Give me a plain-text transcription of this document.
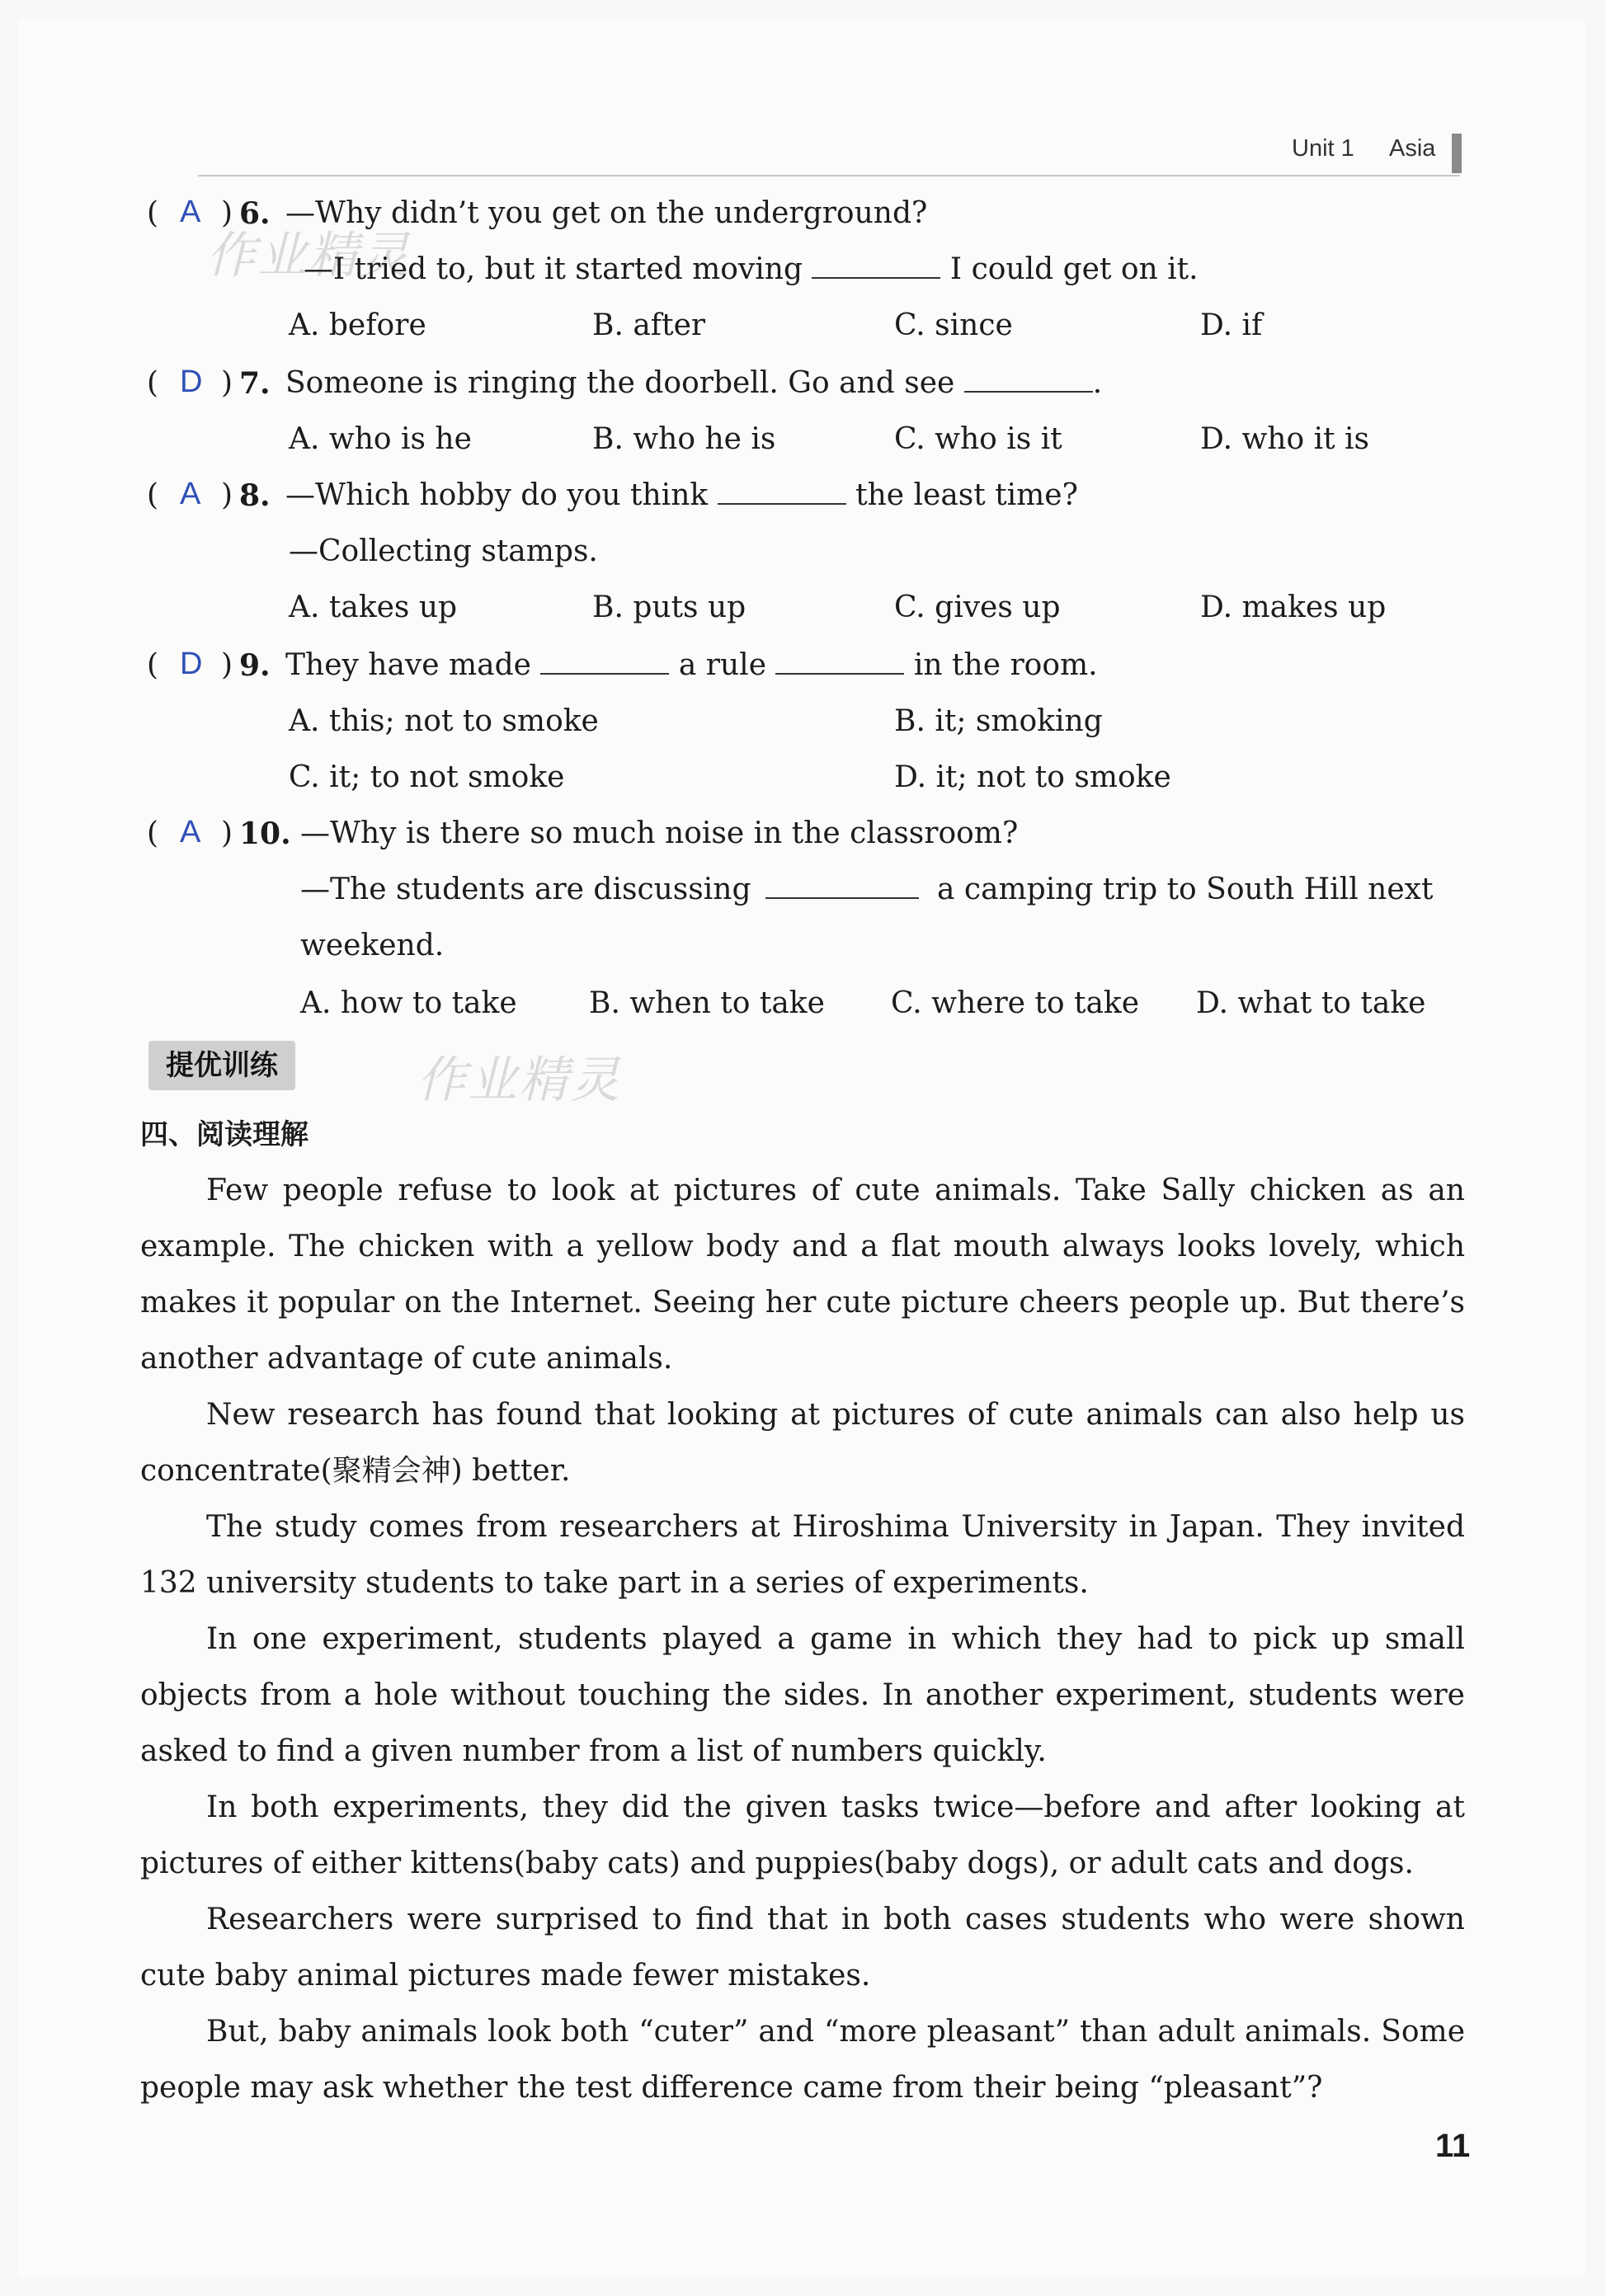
Unit 1 Asia
作业精灵
作业精灵
( A ) 6. —Why didn’t you get on the underground?
—I tried to, but it started moving	I could get on it.
A. before	B. after	C. since	D. if
( D ) 7. Someone is ringing the doorbell. Go and see	.
A. who is he	B. who he is	C. who is it	D. who it is
( A ) 8. —Which hobby do you think	the least time?
—Collecting stamps.
A. takes up	B. puts up	C. gives up	D. makes up
( D ) 9. They have made	a rule	in the room.
A. this; not to smoke	B. it; smoking
C. it; to not smoke	D. it; not to smoke
( A ) 10. —Why is there so much noise in the classroom?
—The students are discussing	a camping trip to South Hill next
weekend.
A. how to take B. when to take C. where to take D. what to take
提优训练
四、阅读理解

Few people refuse to look at pictures of cute animals. Take Sally chicken as an example. The chicken with a yellow body and a flat mouth always looks lovely, which makes it popular on the Internet. Seeing her cute picture cheers people up. But there’s another advantage of cute animals.

New research has found that looking at pictures of cute animals can also help us concentrate(聚精会神) better.

The study comes from researchers at Hiroshima University in Japan. They invited 132 university students to take part in a series of experiments.

In one experiment, students played a game in which they had to pick up small objects from a hole without touching the sides. In another experiment, students were asked to find a given number from a list of numbers quickly.

In both experiments, they did the given tasks twice—before and after looking at pictures of either kittens(baby cats) and puppies(baby dogs), or adult cats and dogs.

Researchers were surprised to find that in both cases students who were shown cute baby animal pictures made fewer mistakes.

But, baby animals look both “cuter” and “more pleasant” than adult animals. Some people may ask whether the test difference came from their being “pleasant”?

11
